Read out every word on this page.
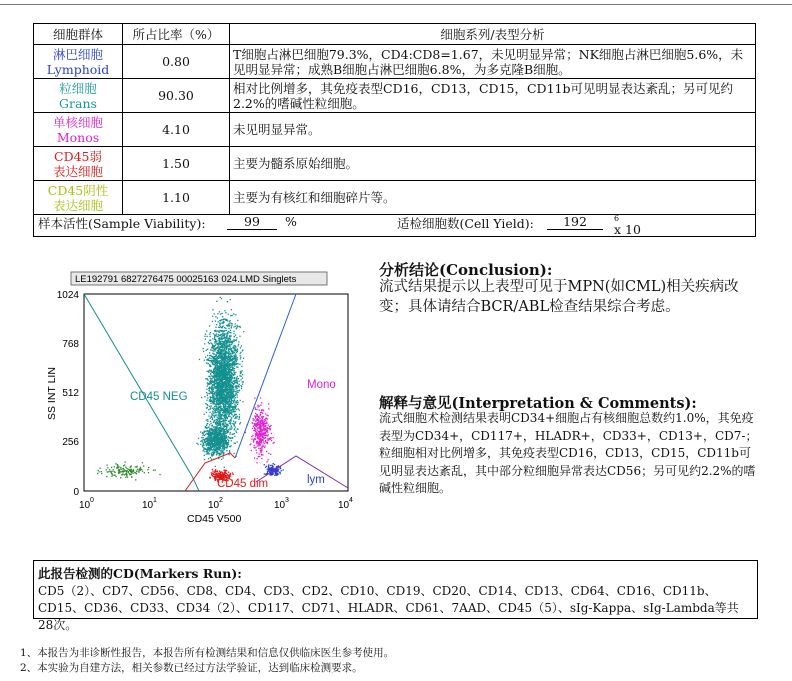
细胞群体	所占比率（%）	细胞系列/表型分析

淋巴细胞
Lymphoid	0.80	T细胞占淋巴细胞79.3%，CD4:CD8=1.67，未见明显异常；NK细胞占淋巴细胞5.6%，未见明显异常；成熟B细胞占淋巴细胞6.8%，为多克隆B细胞。

粒细胞
Grans	90.30	相对比例增多，其免疫表型CD16，CD13，CD15，CD11b可见明显表达紊乱；另可见约2.2%的嗜碱性粒细胞。

单核细胞
Monos	4.10	未见明显异常。

CD45弱
表达细胞	1.50	主要为髓系原始细胞。

CD45阴性
表达细胞	1.10	主要为有核红和细胞碎片等。
样本活性(Sample Viability):	99	%	适检细胞数(Cell Yield):	192
x 10
$^6$
LE192791 6827276475 00025163 024.LMD Singlets
CD45 NEG
Mono
CD45 dim	lym
1024
768
512
256
0
SS INT LIN
10 0	10 1	10 2	10 3	10 4
CD45 V500
分析结论(Conclusion):
流式结果提示以上表型可见于MPN(如CML)相关疾病改变；具体请结合BCR/ABL检查结果综合考虑。
解释与意见(Interpretation & Comments):
流式细胞术检测结果表明CD34+细胞占有核细胞总数约1.0%，其免疫表型为CD34+，CD117+，HLADR+，CD33+，CD13+，CD7-；粒细胞相对比例增多，其免疫表型CD16，CD13，CD15，CD11b可见明显表达紊乱，其中部分粒细胞异常表达CD56；另可见约2.2%的嗜碱性粒细胞。
此报告检测的CD(Markers Run):
CD5（2）、CD7、CD56、CD8、CD4、CD3、CD2、CD10、CD19、CD20、CD14、CD13、CD64、CD16、CD11b、CD15、CD36、CD33、CD34（2）、CD117、CD71、HLADR、CD61、7AAD、CD45（5）、sIg-Kappa、sIg-Lambda等共28次。
1、本报告为非诊断性报告，本报告所有检测结果和信息仅供临床医生参考使用。
2、本实验为自建方法，相关参数已经过方法学验证，达到临床检测要求。
